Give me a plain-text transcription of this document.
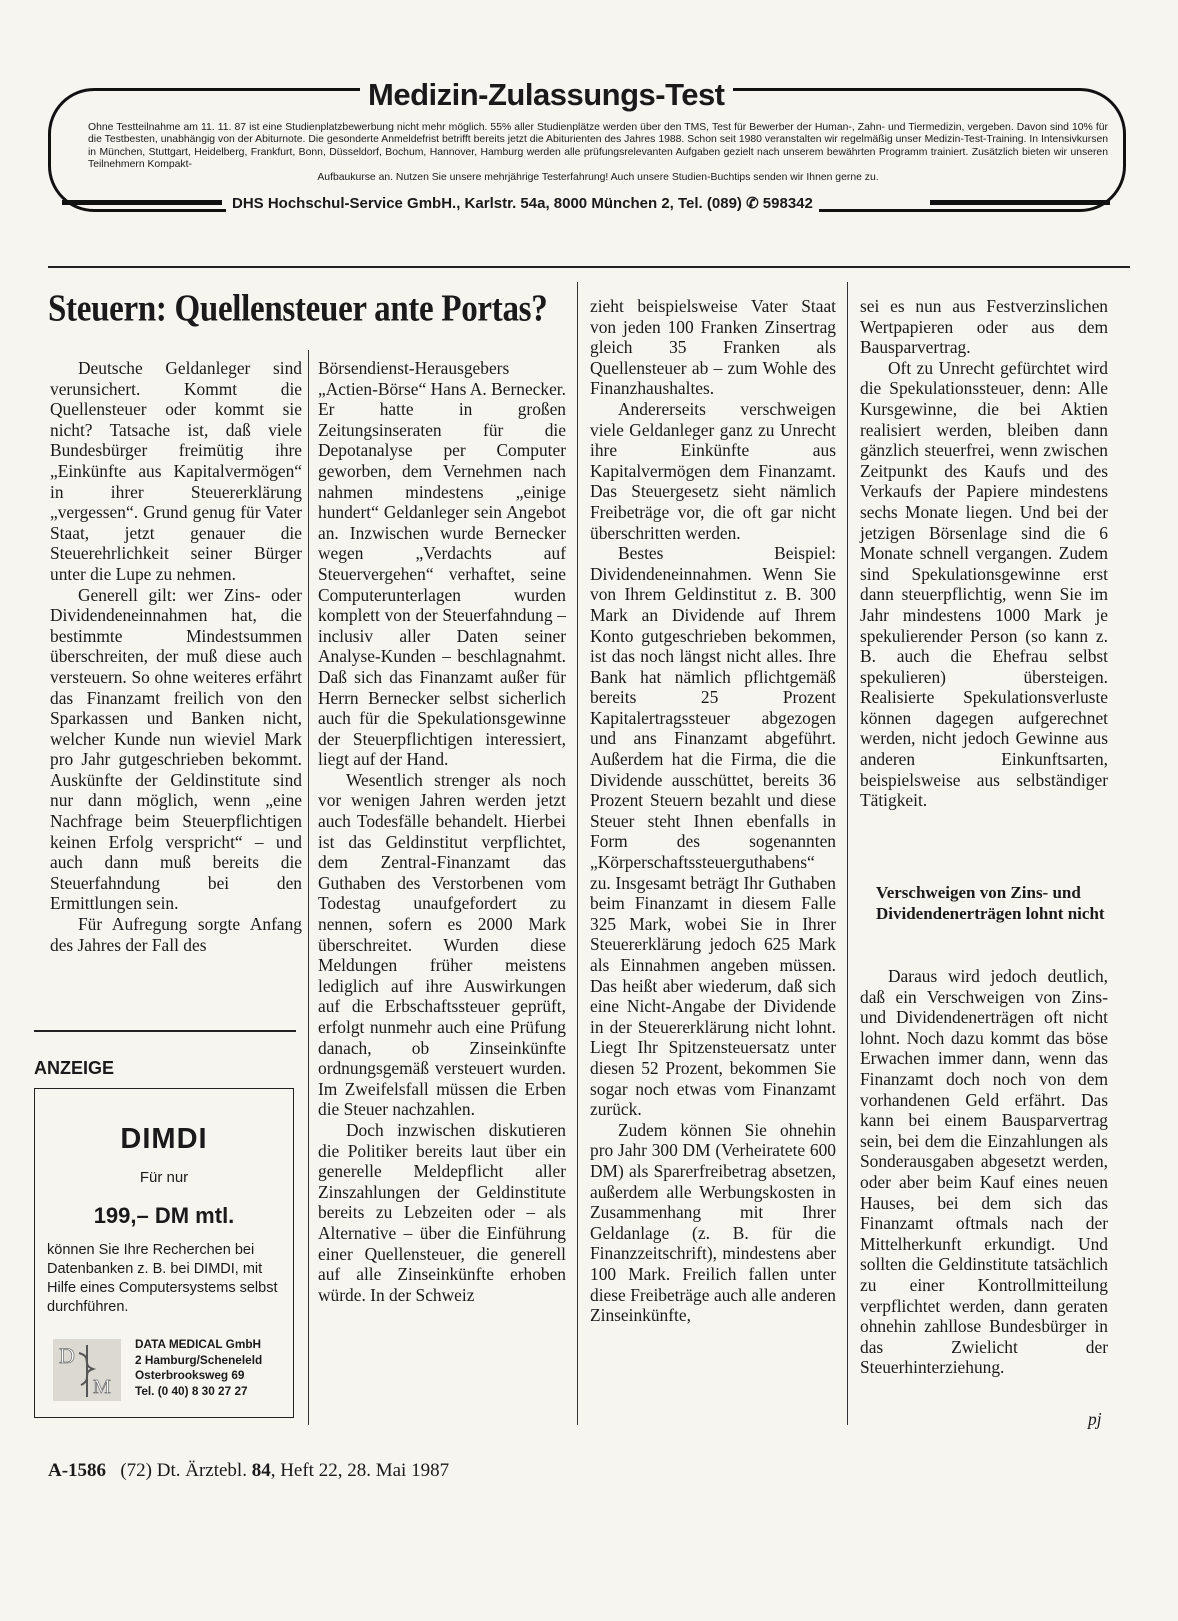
Medizin-Zulassungs-Test
Ohne Testteilnahme am 11. 11. 87 ist eine Studienplatzbewerbung nicht mehr möglich. 55% aller Studienplätze werden über den TMS, Test für Bewerber der Human-, Zahn- und Tiermedizin, vergeben. Davon sind 10% für die Testbesten, unabhängig von der Abiturnote. Die gesonderte Anmeldefrist betrifft bereits jetzt die Abiturienten des Jahres 1988. Schon seit 1980 veranstalten wir regelmäßig unser Medizin-Test-Training. In Intensivkursen in München, Stuttgart, Heidelberg, Frankfurt, Bonn, Düsseldorf, Bochum, Hannover, Hamburg werden alle prüfungsrelevanten Aufgaben gezielt nach unserem bewährten Programm trainiert. Zusätzlich bieten wir unseren Teilnehmern Kompakt-
Aufbaukurse an. Nutzen Sie unsere mehrjährige Testerfahrung! Auch unsere Studien-Buchtips senden wir Ihnen gerne zu.
DHS Hochschul-Service GmbH., Karlstr. 54a, 8000 München 2, Tel. (089) ✆ 598342
Steuern: Quellensteuer ante Portas?

Deutsche Geldanleger sind verunsichert. Kommt die Quellensteuer oder kommt sie nicht? Tatsache ist, daß viele Bundesbürger freimütig ihre „Einkünfte aus Kapitalvermögen“ in ihrer Steuererklärung „vergessen“. Grund genug für Vater Staat, jetzt genauer die Steuerehrlichkeit seiner Bürger unter die Lupe zu nehmen.

Generell gilt: wer Zins- oder Dividendeneinnahmen hat, die bestimmte Mindestsummen überschreiten, der muß diese auch versteuern. So ohne weiteres erfährt das Finanzamt freilich von den Sparkassen und Banken nicht, welcher Kunde nun wieviel Mark pro Jahr gutgeschrieben bekommt. Auskünfte der Geldinstitute sind nur dann möglich, wenn „eine Nachfrage beim Steuerpflichtigen keinen Erfolg verspricht“ – und auch dann muß bereits die Steuerfahndung bei den Ermittlungen sein.

Für Aufregung sorgte Anfang des Jahres der Fall des

Börsendienst-Herausgebers „Actien-Börse“ Hans A. Bernecker. Er hatte in großen Zeitungsinseraten für die Depotanalyse per Computer geworben, dem Vernehmen nach nahmen mindestens „einige hundert“ Geldanleger sein Angebot an. Inzwischen wurde Bernecker wegen „Verdachts auf Steuervergehen“ verhaftet, seine Computerunterlagen wurden komplett von der Steuerfahndung – inclusiv aller Daten seiner Analyse-Kunden – beschlagnahmt. Daß sich das Finanzamt außer für Herrn Bernecker selbst sicherlich auch für die Spekulationsgewinne der Steuerpflichtigen interessiert, liegt auf der Hand.

Wesentlich strenger als noch vor wenigen Jahren werden jetzt auch Todesfälle behandelt. Hierbei ist das Geldinstitut verpflichtet, dem Zentral-Finanzamt das Guthaben des Verstorbenen vom Todestag unaufgefordert zu nennen, sofern es 2000 Mark überschreitet. Wurden diese Meldungen früher meistens lediglich auf ihre Auswirkungen auf die Erbschaftssteuer geprüft, erfolgt nunmehr auch eine Prüfung danach, ob Zinseinkünfte ordnungsgemäß versteuert wurden. Im Zweifelsfall müssen die Erben die Steuer nachzahlen.

Doch inzwischen diskutieren die Politiker bereits laut über ein generelle Meldepflicht aller Zinszahlungen der Geldinstitute bereits zu Lebzeiten oder – als Alternative – über die Einführung einer Quellensteuer, die generell auf alle Zinseinkünfte erhoben würde. In der Schweiz

zieht beispielsweise Vater Staat von jeden 100 Franken Zinsertrag gleich 35 Franken als Quellensteuer ab – zum Wohle des Finanzhaushaltes.

Andererseits verschweigen viele Geldanleger ganz zu Unrecht ihre Einkünfte aus Kapitalvermögen dem Finanzamt. Das Steuergesetz sieht nämlich Freibeträge vor, die oft gar nicht überschritten werden.

Bestes Beispiel: Dividendeneinnahmen. Wenn Sie von Ihrem Geldinstitut z. B. 300 Mark an Dividende auf Ihrem Konto gutgeschrieben bekommen, ist das noch längst nicht alles. Ihre Bank hat nämlich pflichtgemäß bereits 25 Prozent Kapitalertragssteuer abgezogen und ans Finanzamt abgeführt. Außerdem hat die Firma, die die Dividende ausschüttet, bereits 36 Prozent Steuern bezahlt und diese Steuer steht Ihnen ebenfalls in Form des sogenannten „Körperschaftssteuerguthabens“ zu. Insgesamt beträgt Ihr Guthaben beim Finanzamt in diesem Falle 325 Mark, wobei Sie in Ihrer Steuererklärung jedoch 625 Mark als Einnahmen angeben müssen. Das heißt aber wiederum, daß sich eine Nicht-Angabe der Dividende in der Steuererklärung nicht lohnt. Liegt Ihr Spitzensteuersatz unter diesen 52 Prozent, bekommen Sie sogar noch etwas vom Finanzamt zurück.

Zudem können Sie ohnehin pro Jahr 300 DM (Verheiratete 600 DM) als Sparerfreibetrag absetzen, außerdem alle Werbungskosten in Zusammenhang mit Ihrer Geldanlage (z. B. für die Finanzzeitschrift), mindestens aber 100 Mark. Freilich fallen unter diese Freibeträge auch alle anderen Zinseinkünfte,

sei es nun aus Festverzinslichen Wertpapieren oder aus dem Bausparvertrag.

Oft zu Unrecht gefürchtet wird die Spekulationssteuer, denn: Alle Kursgewinne, die bei Aktien realisiert werden, bleiben dann gänzlich steuerfrei, wenn zwischen Zeitpunkt des Kaufs und des Verkaufs der Papiere mindestens sechs Monate liegen. Und bei der jetzigen Börsenlage sind die 6 Monate schnell vergangen. Zudem sind Spekulationsgewinne erst dann steuerpflichtig, wenn Sie im Jahr mindestens 1000 Mark je spekulierender Person (so kann z. B. auch die Ehefrau selbst spekulieren) übersteigen. Realisierte Spekulationsverluste können dagegen aufgerechnet werden, nicht jedoch Gewinne aus anderen Einkunftsarten, beispielsweise aus selbständiger Tätigkeit.

Verschweigen von Zins- und Dividendenerträgen lohnt nicht

Daraus wird jedoch deutlich, daß ein Verschweigen von Zins- und Dividendenerträgen oft nicht lohnt. Noch dazu kommt das böse Erwachen immer dann, wenn das Finanzamt doch noch von dem vorhandenen Geld erfährt. Das kann bei einem Bausparvertrag sein, bei dem die Einzahlungen als Sonderausgaben abgesetzt werden, oder aber beim Kauf eines neuen Hauses, bei dem sich das Finanzamt oftmals nach der Mittelherkunft erkundigt. Und sollten die Geldinstitute tatsächlich zu einer Kontrollmitteilung verpflichtet werden, dann geraten ohnehin zahllose Bundesbürger in das Zwielicht der Steuerhinterziehung.

pj
ANZEIGE
DIMDI
Für nur
199,– DM mtl.
können Sie Ihre Recherchen bei Datenbanken z. B. bei DIMDI, mit Hilfe eines Computersystems selbst durchführen.
D
M
DATA MEDICAL GmbH
2 Hamburg/Scheneleld
Osterbrooksweg 69
Tel. (0 40) 8 30 27 27
A-1586 (72) Dt. Ärztebl. 84, Heft 22, 28. Mai 1987
